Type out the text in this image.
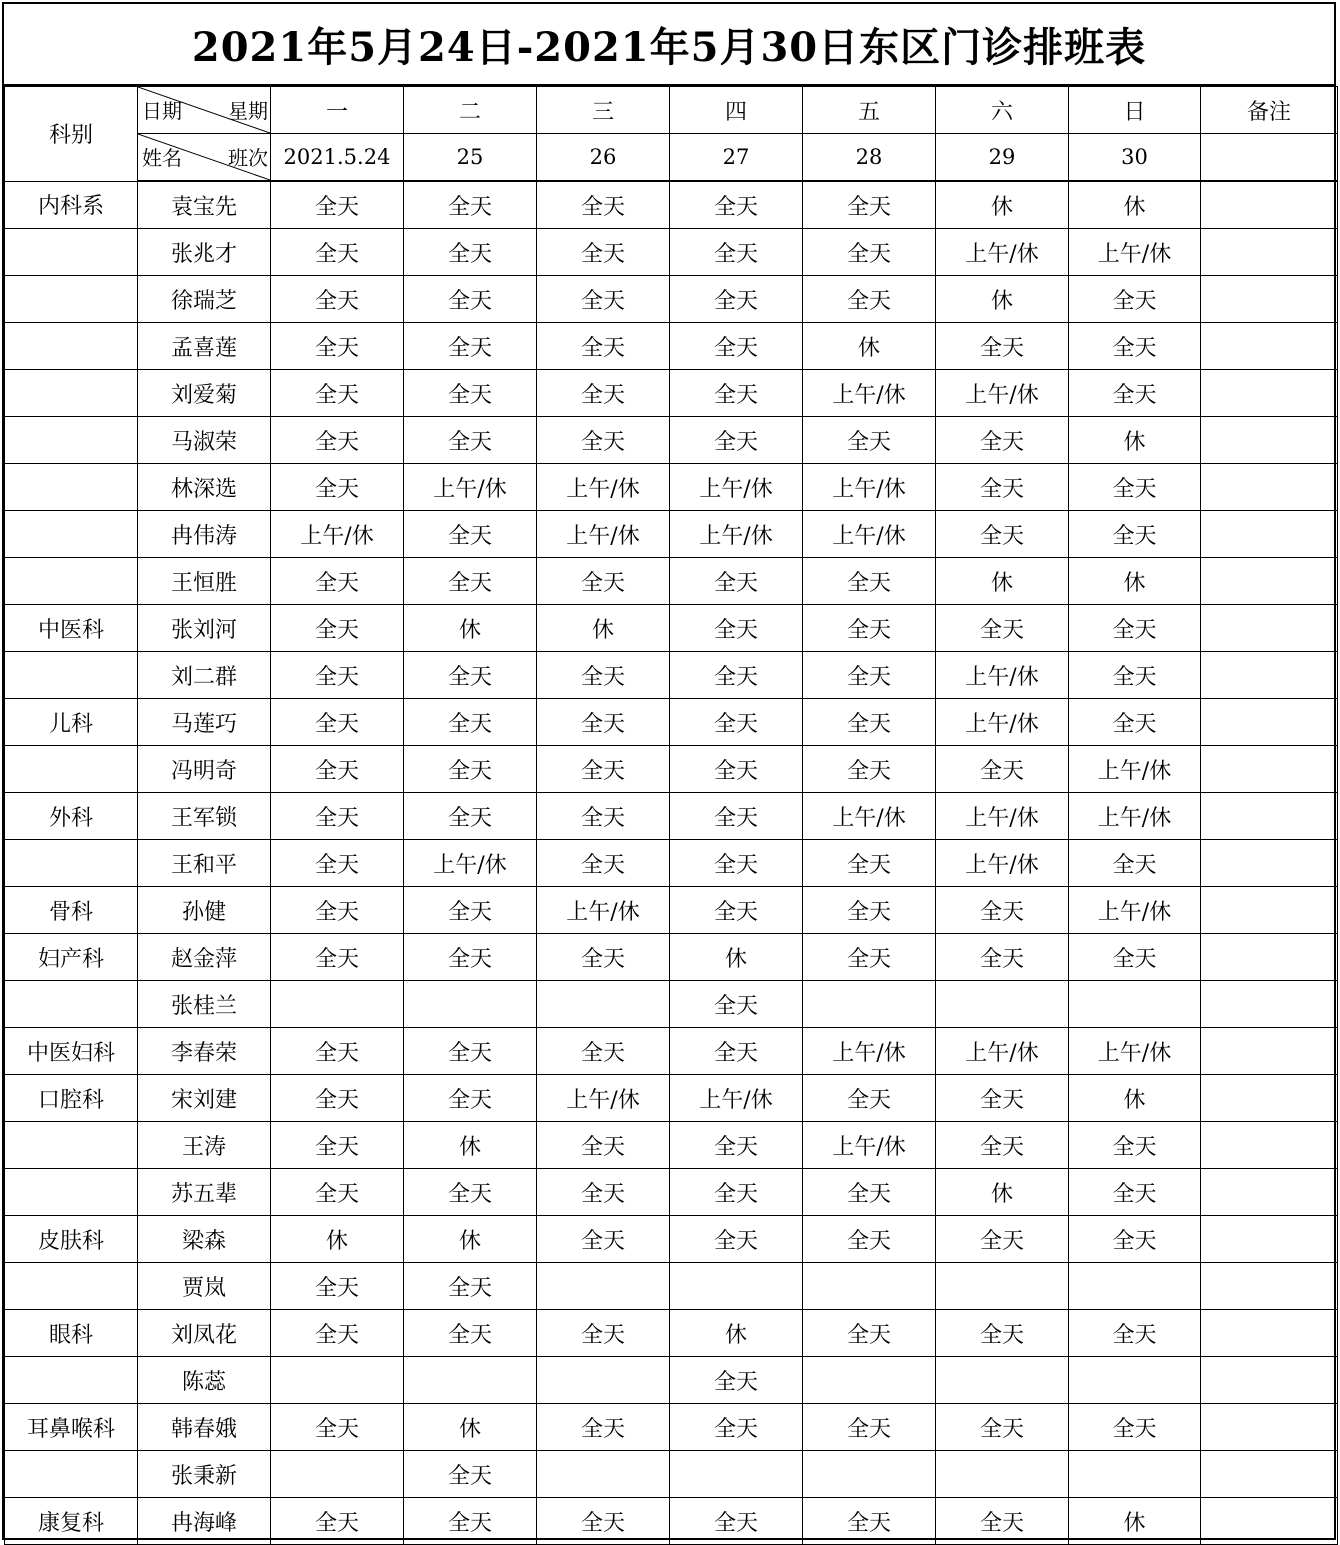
2021年5月24日-2021年5月30日东区门诊排班表
科别	日期 星期	一	二	三	四	五	六	日	备注

	姓名 班次	2021.5.24	25	26	27	28	29	30	
内科系	袁宝先	全天	全天	全天	全天	全天	休	休	
	张兆才	全天	全天	全天	全天	全天	上午/休	上午/休	
	徐瑞芝	全天	全天	全天	全天	全天	休	全天	
	孟喜莲	全天	全天	全天	全天	休	全天	全天	
	刘爱菊	全天	全天	全天	全天	上午/休	上午/休	全天	
	马淑荣	全天	全天	全天	全天	全天	全天	休	
	林深选	全天	上午/休	上午/休	上午/休	上午/休	全天	全天	
	冉伟涛	上午/休	全天	上午/休	上午/休	上午/休	全天	全天	
	王恒胜	全天	全天	全天	全天	全天	休	休	
中医科	张刘河	全天	休	休	全天	全天	全天	全天	
	刘二群	全天	全天	全天	全天	全天	上午/休	全天	
儿科	马莲巧	全天	全天	全天	全天	全天	上午/休	全天	
	冯明奇	全天	全天	全天	全天	全天	全天	上午/休	
外科	王军锁	全天	全天	全天	全天	上午/休	上午/休	上午/休	
	王和平	全天	上午/休	全天	全天	全天	上午/休	全天	
骨科	孙健	全天	全天	上午/休	全天	全天	全天	上午/休	
妇产科	赵金萍	全天	全天	全天	休	全天	全天	全天	
	张桂兰				全天				
中医妇科	李春荣	全天	全天	全天	全天	上午/休	上午/休	上午/休	
口腔科	宋刘建	全天	全天	上午/休	上午/休	全天	全天	休	
	王涛	全天	休	全天	全天	上午/休	全天	全天	
	苏五辈	全天	全天	全天	全天	全天	休	全天	
皮肤科	梁森	休	休	全天	全天	全天	全天	全天	
	贾岚	全天	全天						
眼科	刘凤花	全天	全天	全天	休	全天	全天	全天	
	陈蕊				全天				
耳鼻喉科	韩春娥	全天	休	全天	全天	全天	全天	全天	
	张秉新		全天						
康复科	冉海峰	全天	全天	全天	全天	全天	全天	休	
